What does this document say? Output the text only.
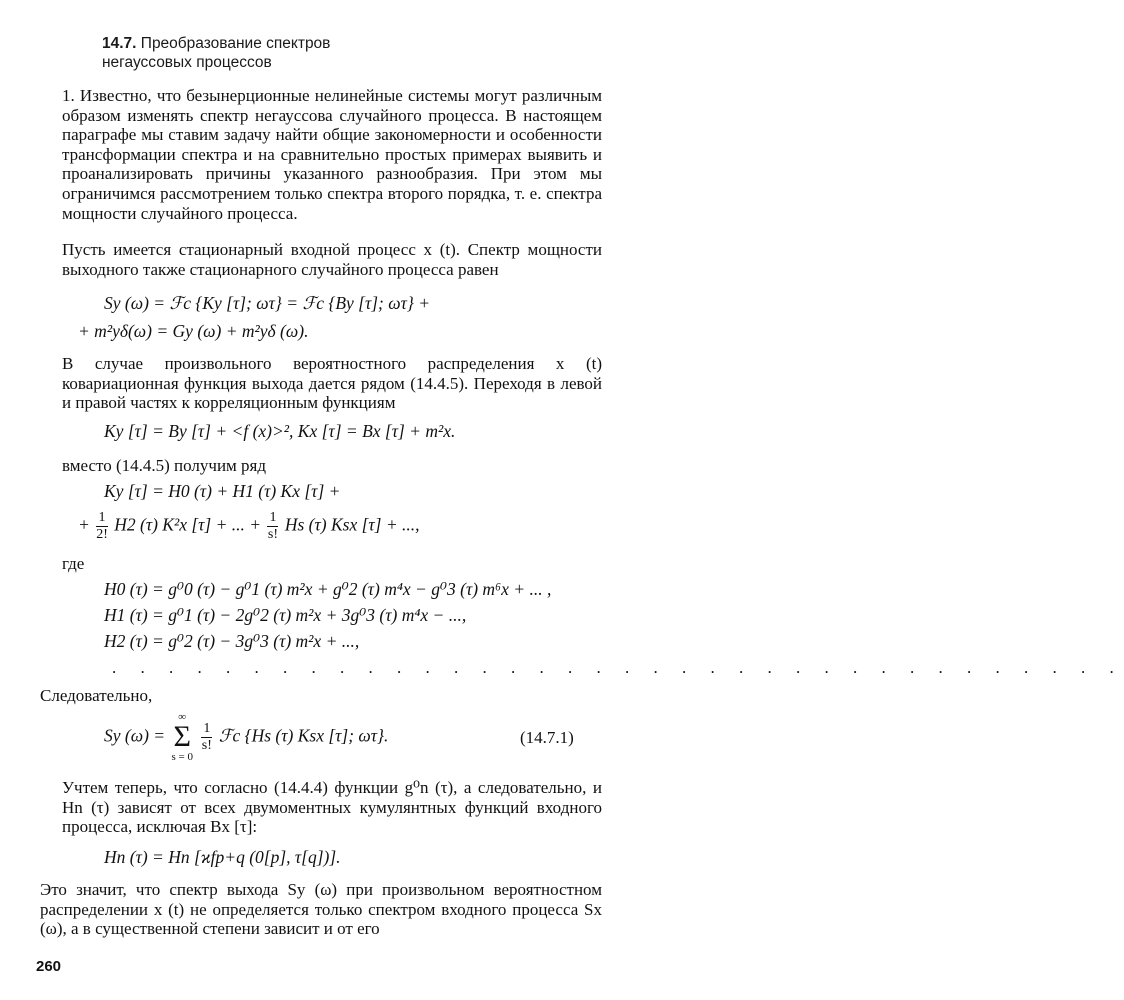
14.7. Преобразование спектров
негауссовых процессов
1. Известно, что безынерционные нелинейные системы могут различным образом изменять спектр негауссова случайного процесса. В настоящем параграфе мы ставим задачу найти общие закономерности и особенности трансформации спектра и на сравнительно простых примерах выявить и проанализировать причины указанного разнообразия. При этом мы ограничимся рассмотрением только спектра второго порядка, т. е. спектра мощности случайного процесса.
Пусть имеется стационарный входной процесс x (t). Спектр мощности выходного также стационарного случайного процесса равен
Sy (ω) = ℱc {Ky [τ]; ωτ} = ℱc {By [τ]; ωτ} +
+ m²yδ(ω) = Gy (ω) + m²yδ (ω).
В случае произвольного вероятностного распределения x (t) ковариационная функция выхода дается рядом (14.4.5). Переходя в левой и правой частях к корреляционным функциям
Ky [τ] = By [τ] + <f (x)>², Kx [τ] = Bx [τ] + m²x.
вместо (14.4.5) получим ряд
Ky [τ] = H0 (τ) + H1 (τ) Kx [τ] +
+ $\frac{1}{2!} H2$ (τ) K²x [τ] + ... + $\frac{1}{s!}$ Hs (τ) Ksx [τ] + ...,
где
H0 (τ) = g⁰0 (τ) − g⁰1 (τ) m²x + g⁰2 (τ) m⁴x − g⁰3 (τ) m⁶x + ... ,
H1 (τ) = g⁰1 (τ) − 2g⁰2 (τ) m²x + 3g⁰3 (τ) m⁴x − ...,
H2 (τ) = g⁰2 (τ) − 3g⁰3 (τ) m²x + ...,
. . . . . . . . . . . . . . . . . . . . . . . . . . . . . . . . . . . .
Следовательно,
Sy (ω) =
∞
Σ
s = 0

$\frac{1}{s!}$ ℱc {Hs (τ) Ksx [τ]; ωτ}.	(14.7.1)
Учтем теперь, что согласно (14.4.4) функции g⁰n (τ), а следовательно, и Hn (τ) зависят от всех двумоментных кумулянтных функций входного процесса, исключая Bx [τ]:
Hn (τ) = Hn [ϰfp+q (0[p], τ[q])].
Это значит, что спектр выхода Sy (ω) при произвольном вероятностном распределении x (t) не определяется только спектром входного процесса Sx (ω), а в существенной степени зависит и от его
260
